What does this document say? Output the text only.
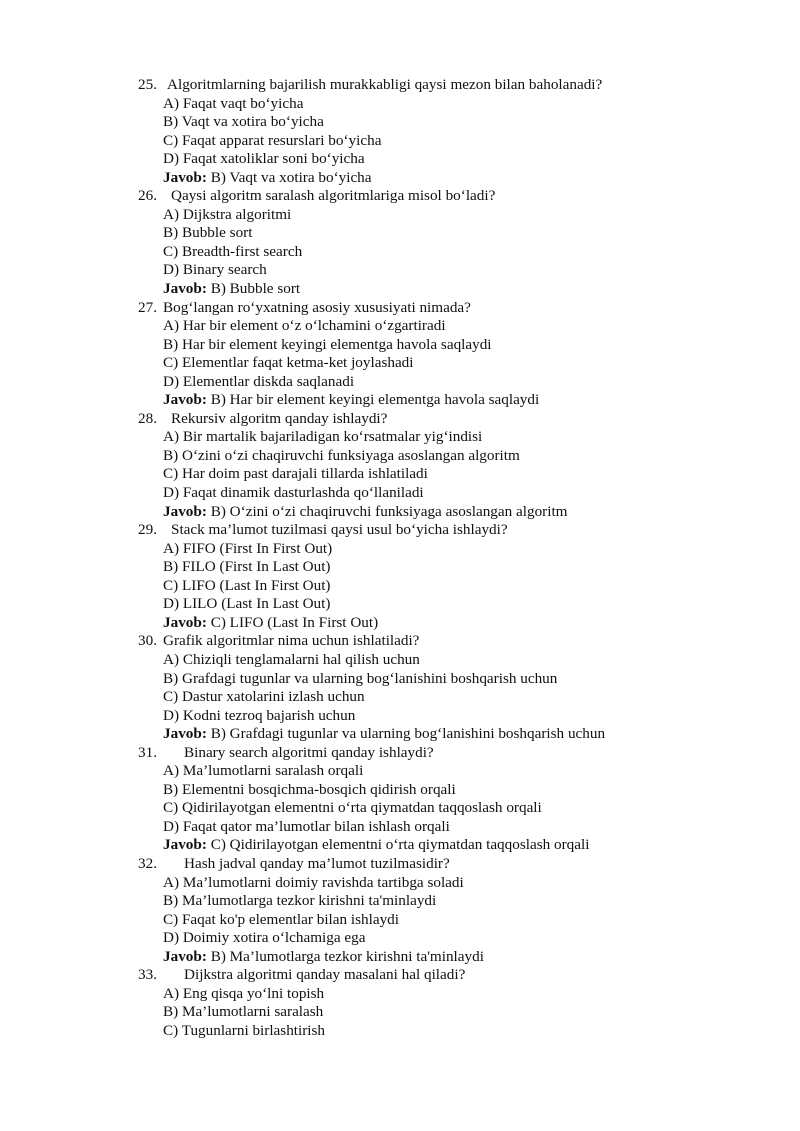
25. Algoritmlarning bajarilish murakkabligi qaysi mezon bilan baholanadi?
A) Faqat vaqt bo‘yicha
B) Vaqt va xotira bo‘yicha
C) Faqat apparat resurslari bo‘yicha
D) Faqat xatoliklar soni bo‘yicha
Javob: B) Vaqt va xotira bo‘yicha
26. Qaysi algoritm saralash algoritmlariga misol bo‘ladi?
A) Dijkstra algoritmi
B) Bubble sort
C) Breadth-first search
D) Binary search
Javob: B) Bubble sort
27. Bog‘langan ro‘yxatning asosiy xususiyati nimada?
A) Har bir element o‘z o‘lchamini o‘zgartiradi
B) Har bir element keyingi elementga havola saqlaydi
C) Elementlar faqat ketma-ket joylashadi
D) Elementlar diskda saqlanadi
Javob: B) Har bir element keyingi elementga havola saqlaydi
28. Rekursiv algoritm qanday ishlaydi?
A) Bir martalik bajariladigan ko‘rsatmalar yig‘indisi
B) O‘zini o‘zi chaqiruvchi funksiyaga asoslangan algoritm
C) Har doim past darajali tillarda ishlatiladi
D) Faqat dinamik dasturlashda qo‘llaniladi
Javob: B) O‘zini o‘zi chaqiruvchi funksiyaga asoslangan algoritm
29. Stack ma’lumot tuzilmasi qaysi usul bo‘yicha ishlaydi?
A) FIFO (First In First Out)
B) FILO (First In Last Out)
C) LIFO (Last In First Out)
D) LILO (Last In Last Out)
Javob: C) LIFO (Last In First Out)
30. Grafik algoritmlar nima uchun ishlatiladi?
A) Chiziqli tenglamalarni hal qilish uchun
B) Grafdagi tugunlar va ularning bog‘lanishini boshqarish uchun
C) Dastur xatolarini izlash uchun
D) Kodni tezroq bajarish uchun
Javob: B) Grafdagi tugunlar va ularning bog‘lanishini boshqarish uchun
31. Binary search algoritmi qanday ishlaydi?
A) Ma’lumotlarni saralash orqali
B) Elementni bosqichma-bosqich qidirish orqali
C) Qidirilayotgan elementni o‘rta qiymatdan taqqoslash orqali
D) Faqat qator ma’lumotlar bilan ishlash orqali
Javob: C) Qidirilayotgan elementni o‘rta qiymatdan taqqoslash orqali
32. Hash jadval qanday ma’lumot tuzilmasidir?
A) Ma’lumotlarni doimiy ravishda tartibga soladi
B) Ma’lumotlarga tezkor kirishni ta'minlaydi
C) Faqat ko'p elementlar bilan ishlaydi
D) Doimiy xotira o‘lchamiga ega
Javob: B) Ma’lumotlarga tezkor kirishni ta'minlaydi
33. Dijkstra algoritmi qanday masalani hal qiladi?
A) Eng qisqa yo‘lni topish
B) Ma’lumotlarni saralash
C) Tugunlarni birlashtirish
